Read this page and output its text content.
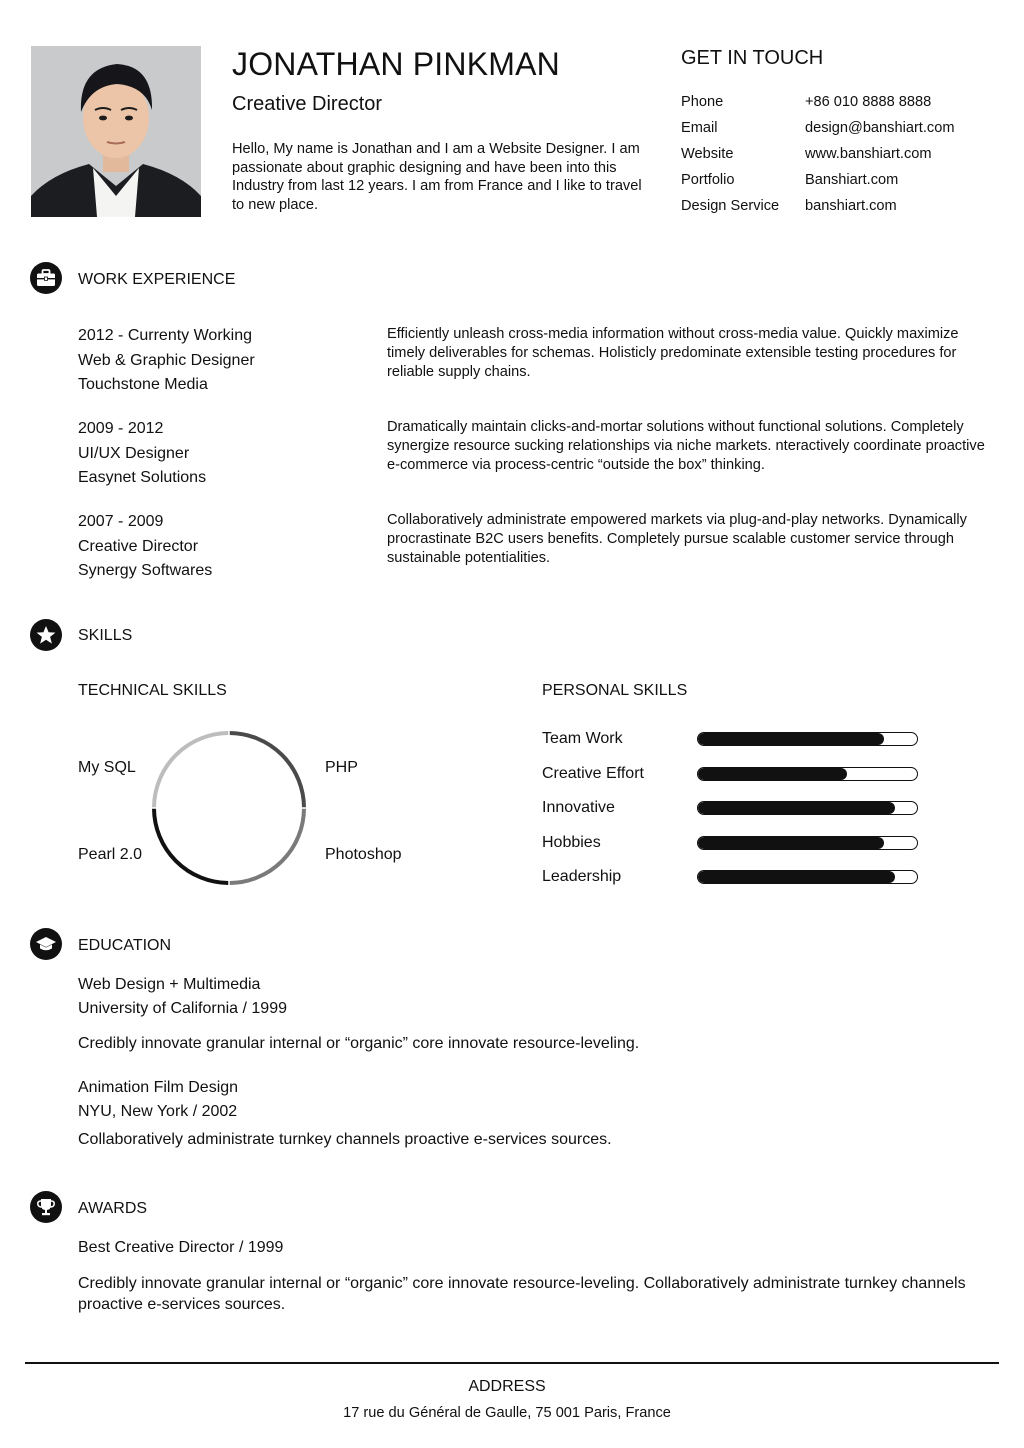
JONATHAN PINKMAN
Creative Director
Hello, My name is Jonathan and I am a Website Designer. I am passionate about graphic designing and have been into this Industry from last 12 years. I am from France and I like to travel to new place.
GET IN TOUCH
Phone	+86 010 8888 8888
Email	design@banshiart.com
Website	www.banshiart.com
Portfolio	Banshiart.com
Design Service	banshiart.com
WORK EXPERIENCE
2012 - Currenty Working
Web & Graphic Designer
Touchstone Media
Efficiently unleash cross-media information without cross-media value. Quickly maximize timely deliverables for schemas. Holisticly predominate extensible testing procedures for reliable supply chains.
2009 - 2012
UI/UX Designer
Easynet Solutions
Dramatically maintain clicks-and-mortar solutions without functional solutions. Completely synergize resource sucking relationships via niche markets. nteractively coordinate proactive e-commerce via process-centric “outside the box” thinking.
2007 - 2009
Creative Director
Synergy Softwares
Collaboratively administrate empowered markets via plug-and-play networks. Dynamically procrastinate B2C users benefits. Completely pursue scalable customer service through sustainable potentialities.
SKILLS
TECHNICAL SKILLS
My SQL	PHP
Photoshop
Pearl 2.0
PERSONAL SKILLS
Team Work
Creative Effort
Innovative
Hobbies
Leadership
EDUCATION
Web Design + Multimedia
University of California / 1999
Credibly innovate granular internal or “organic” core innovate resource-leveling.
Animation Film Design
NYU, New York / 2002
Collaboratively administrate turnkey channels proactive e-services sources.
AWARDS
Best Creative Director / 1999
Credibly innovate granular internal or “organic” core innovate resource-leveling. Collaboratively administrate turnkey channels proactive e-services sources.
ADDRESS
17 rue du Général de Gaulle, 75 001 Paris, France
